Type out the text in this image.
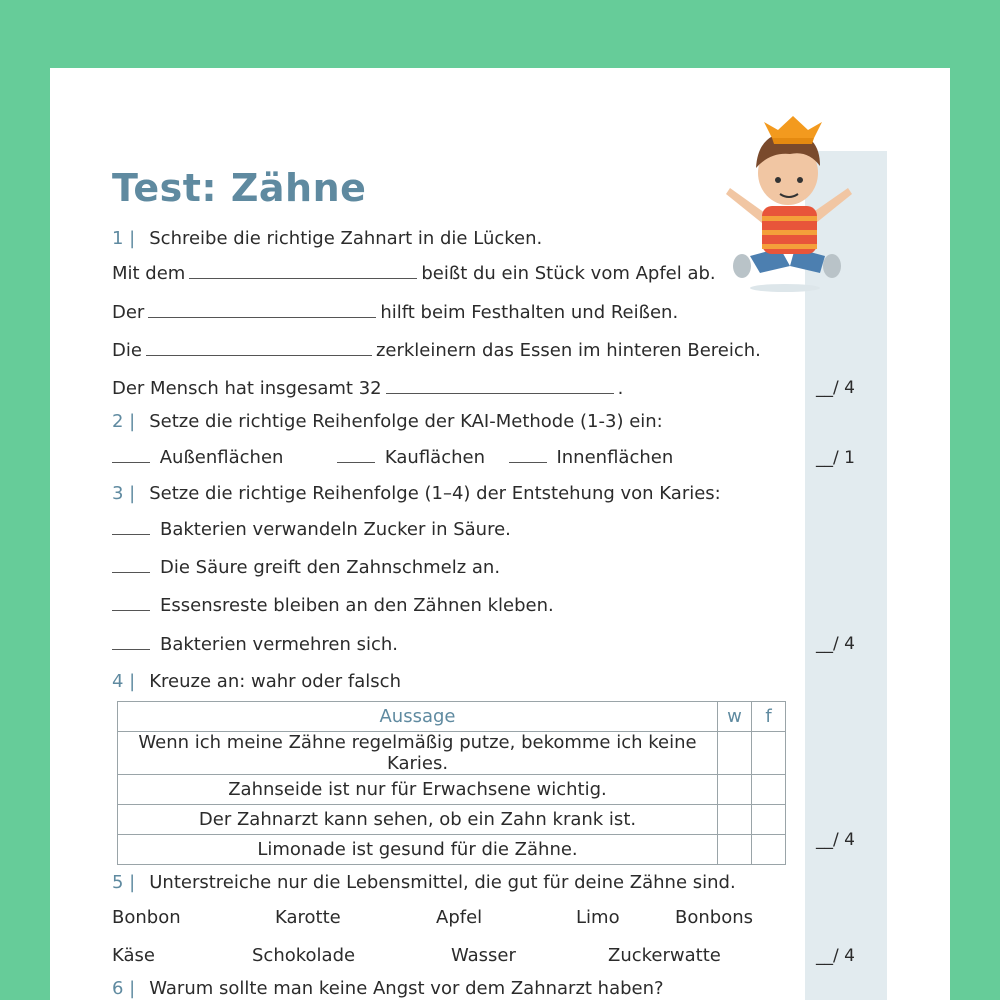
Test: Zähne
1 | Schreibe die richtige Zahnart in die Lücken.
Mit dem	beißt du ein Stück vom Apfel ab.
Der	hilft beim Festhalten und Reißen.
Die	zerkleinern das Essen im hinteren Bereich.
Der Mensch hat insgesamt 32	.	__/ 4
2 | Setze die richtige Reihenfolge der KAI-Methode (1-3) ein:
Außenflächen	Kauflächen	Innenflächen	__/ 1
3 | Setze die richtige Reihenfolge (1–4) der Entstehung von Karies:
Bakterien verwandeln Zucker in Säure.
Die Säure greift den Zahnschmelz an.
Essensreste bleiben an den Zähnen kleben.
Bakterien vermehren sich.	__/ 4
4 | Kreuze an: wahr oder falsch
Aussage	w	f
Wenn ich meine Zähne regelmäßig putze, bekomme ich keine Karies.		
Zahnseide ist nur für Erwachsene wichtig.		
Der Zahnarzt kann sehen, ob ein Zahn krank ist.		
Limonade ist gesund für die Zähne.			__/ 4
5 | Unterstreiche nur die Lebensmittel, die gut für deine Zähne sind.
Bonbon	Karotte	Apfel	Limo	Bonbons
Käse	Schokolade	Wasser	Zuckerwatte	__/ 4
6 | Warum sollte man keine Angst vor dem Zahnarzt haben?
